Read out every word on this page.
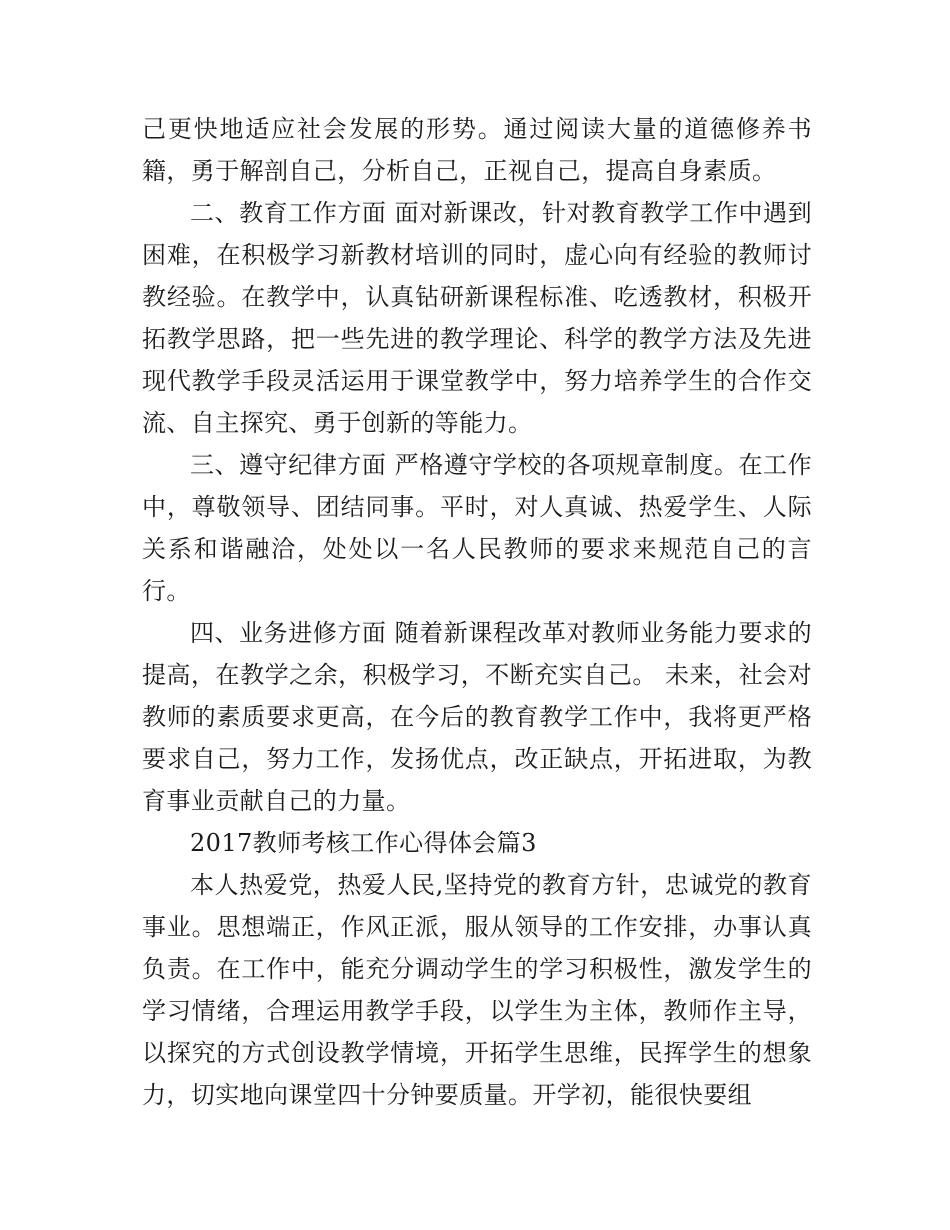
己更快地适应社会发展的形势。通过阅读大量的道德修养书籍，勇于解剖自己，分析自己，正视自己，提高自身素质。

二、教育工作方面 面对新课改，针对教育教学工作中遇到困难，在积极学习新教材培训的同时，虚心向有经验的教师讨教经验。在教学中，认真钻研新课程标准、吃透教材，积极开拓教学思路，把一些先进的教学理论、科学的教学方法及先进现代教学手段灵活运用于课堂教学中，努力培养学生的合作交流、自主探究、勇于创新的等能力。

三、遵守纪律方面 严格遵守学校的各项规章制度。在工作中，尊敬领导、团结同事。平时，对人真诚、热爱学生、人际关系和谐融洽，处处以一名人民教师的要求来规范自己的言行。

四、业务进修方面 随着新课程改革对教师业务能力要求的提高，在教学之余，积极学习，不断充实自己。 未来，社会对教师的素质要求更高，在今后的教育教学工作中，我将更严格要求自己，努力工作，发扬优点，改正缺点，开拓进取，为教育事业贡献自己的力量。

2017教师考核工作心得体会篇3

本人热爱党，热爱人民,坚持党的教育方针，忠诚党的教育事业。思想端正，作风正派，服从领导的工作安排，办事认真负责。在工作中，能充分调动学生的学习积极性，激发学生的学习情绪，合理运用教学手段，以学生为主体，教师作主导，以探究的方式创设教学情境，开拓学生思维，民挥学生的想象力，切实地向课堂四十分钟要质量。开学初，能很快要组
